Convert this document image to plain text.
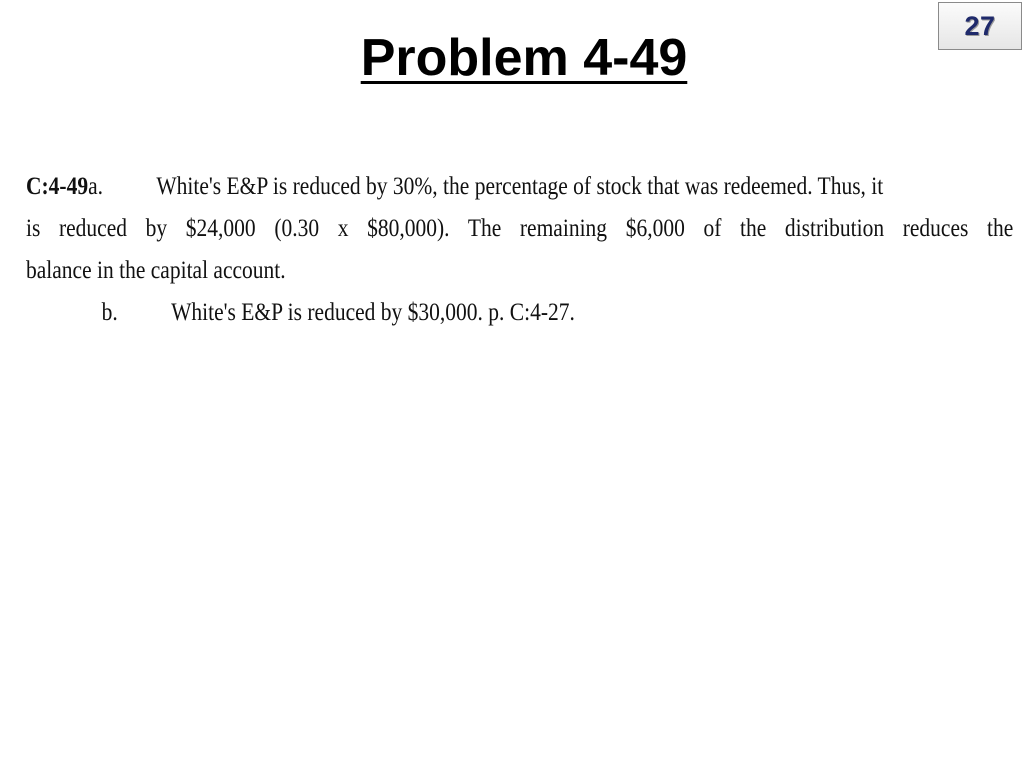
27
Problem 4-49
C:4-49a. White's E&P is reduced by 30%, the percentage of stock that was redeemed. Thus, it
is reduced by $24,000 (0.30 x $80,000). The remaining $6,000 of the distribution reduces the
balance in the capital account.
b. White's E&P is reduced by $30,000. p. C:4-27.
